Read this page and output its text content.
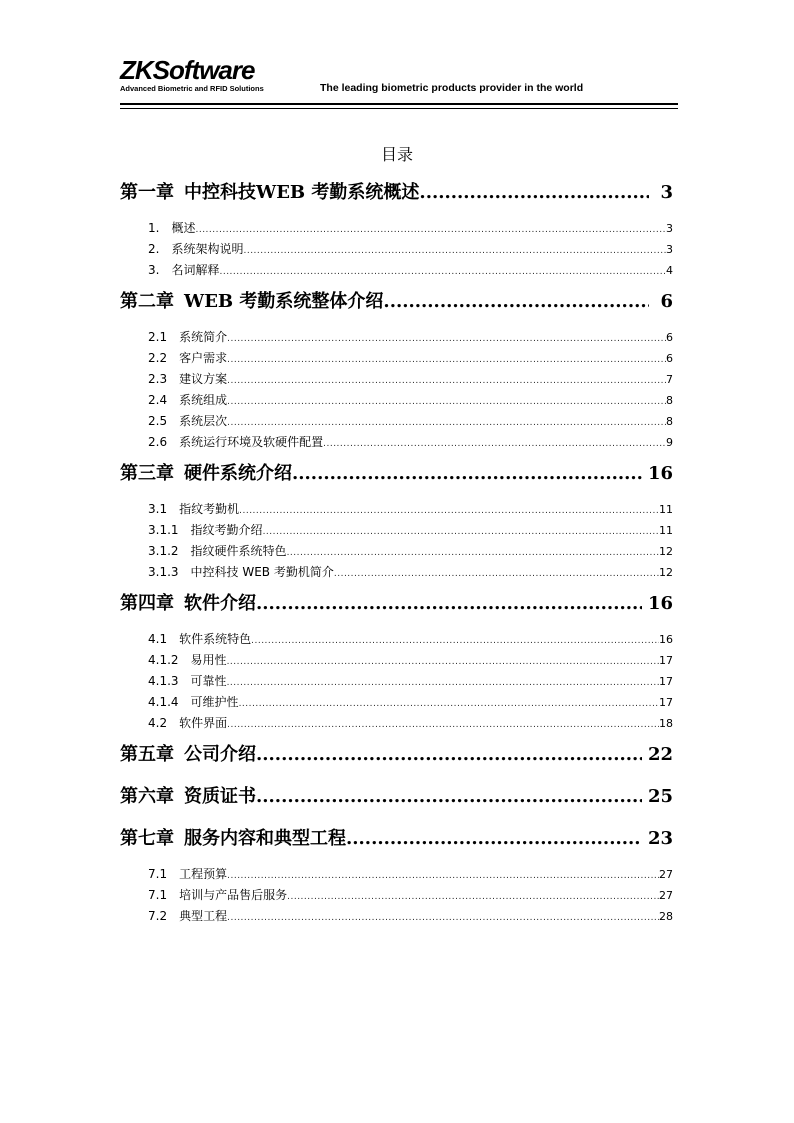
ZKSoftware
Advanced Biometric and RFID Solutions	The leading biometric products provider in the world
目录
第一章 中控科技WEB 考勤系统概述 .....	3
1. 概述 .....	3
2. 系统架构说明 .....	3
3. 名词解释 .....	4
第二章 WEB 考勤系统整体介绍 .....	6
2.1 系统简介 .....	6
2.2 客户需求 .....	6
2.3 建议方案 .....	7
2.4 系统组成 .....	8
2.5 系统层次 .....	8
2.6 系统运行环境及软硬件配置 .....	9
第三章 硬件系统介绍 .....	16
3.1 指纹考勤机 .....	11
3.1.1 指纹考勤介绍 .....	11
3.1.2 指纹硬件系统特色 .....	12
3.1.3 中控科技 WEB 考勤机简介 .....	12
第四章 软件介绍 .....	16
4.1 软件系统特色 .....	16
4.1.2 易用性 .....	17
4.1.3 可靠性 .....	17
4.1.4 可维护性 .....	17
4.2 软件界面 .....	18
第五章 公司介绍 .....	22
第六章 资质证书 .....	25
第七章 服务内容和典型工程 .....	23
7.1 工程预算 .....	27
7.1 培训与产品售后服务 .....	27
7.2 典型工程 .....	28
